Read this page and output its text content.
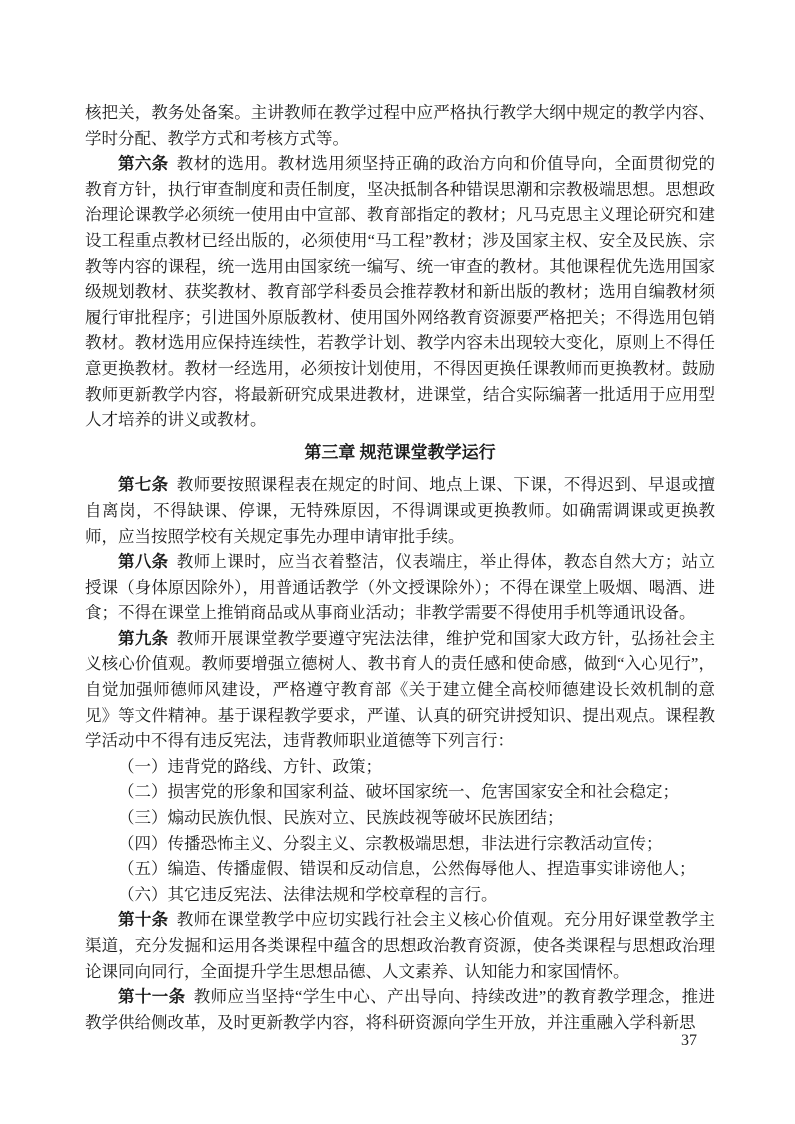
核把关，教务处备案。主讲教师在教学过程中应严格执行教学大纲中规定的教学内容、学时分配、教学方式和考核方式等。

第六条 教材的选用。教材选用须坚持正确的政治方向和价值导向，全面贯彻党的教育方针，执行审查制度和责任制度，坚决抵制各种错误思潮和宗教极端思想。思想政治理论课教学必须统一使用由中宣部、教育部指定的教材；凡马克思主义理论研究和建设工程重点教材已经出版的，必须使用“马工程”教材；涉及国家主权、安全及民族、宗教等内容的课程，统一选用由国家统一编写、统一审查的教材。其他课程优先选用国家级规划教材、获奖教材、教育部学科委员会推荐教材和新出版的教材；选用自编教材须履行审批程序；引进国外原版教材、使用国外网络教育资源要严格把关；不得选用包销教材。教材选用应保持连续性，若教学计划、教学内容未出现较大变化，原则上不得任意更换教材。教材一经选用，必须按计划使用，不得因更换任课教师而更换教材。鼓励教师更新教学内容，将最新研究成果进教材，进课堂，结合实际编著一批适用于应用型人才培养的讲义或教材。

第三章 规范课堂教学运行

第七条 教师要按照课程表在规定的时间、地点上课、下课，不得迟到、早退或擅自离岗，不得缺课、停课，无特殊原因，不得调课或更换教师。如确需调课或更换教师，应当按照学校有关规定事先办理申请审批手续。

第八条 教师上课时，应当衣着整洁，仪表端庄，举止得体，教态自然大方；站立授课（身体原因除外），用普通话教学（外文授课除外）；不得在课堂上吸烟、喝酒、进食；不得在课堂上推销商品或从事商业活动；非教学需要不得使用手机等通讯设备。

第九条 教师开展课堂教学要遵守宪法法律，维护党和国家大政方针，弘扬社会主义核心价值观。教师要增强立德树人、教书育人的责任感和使命感，做到“入心见行”，自觉加强师德师风建设，严格遵守教育部《关于建立健全高校师德建设长效机制的意见》等文件精神。基于课程教学要求，严谨、认真的研究讲授知识、提出观点。课程教学活动中不得有违反宪法，违背教师职业道德等下列言行：

（一）违背党的路线、方针、政策；

（二）损害党的形象和国家利益、破坏国家统一、危害国家安全和社会稳定；

（三）煽动民族仇恨、民族对立、民族歧视等破坏民族团结；

（四）传播恐怖主义、分裂主义、宗教极端思想，非法进行宗教活动宣传；

（五）编造、传播虚假、错误和反动信息，公然侮辱他人、捏造事实诽谤他人；

（六）其它违反宪法、法律法规和学校章程的言行。

第十条 教师在课堂教学中应切实践行社会主义核心价值观。充分用好课堂教学主渠道，充分发掘和运用各类课程中蕴含的思想政治教育资源，使各类课程与思想政治理论课同向同行，全面提升学生思想品德、人文素养、认知能力和家国情怀。

第十一条 教师应当坚持“学生中心、产出导向、持续改进”的教育教学理念，推进教学供给侧改革，及时更新教学内容，将科研资源向学生开放，并注重融入学科新思

37
